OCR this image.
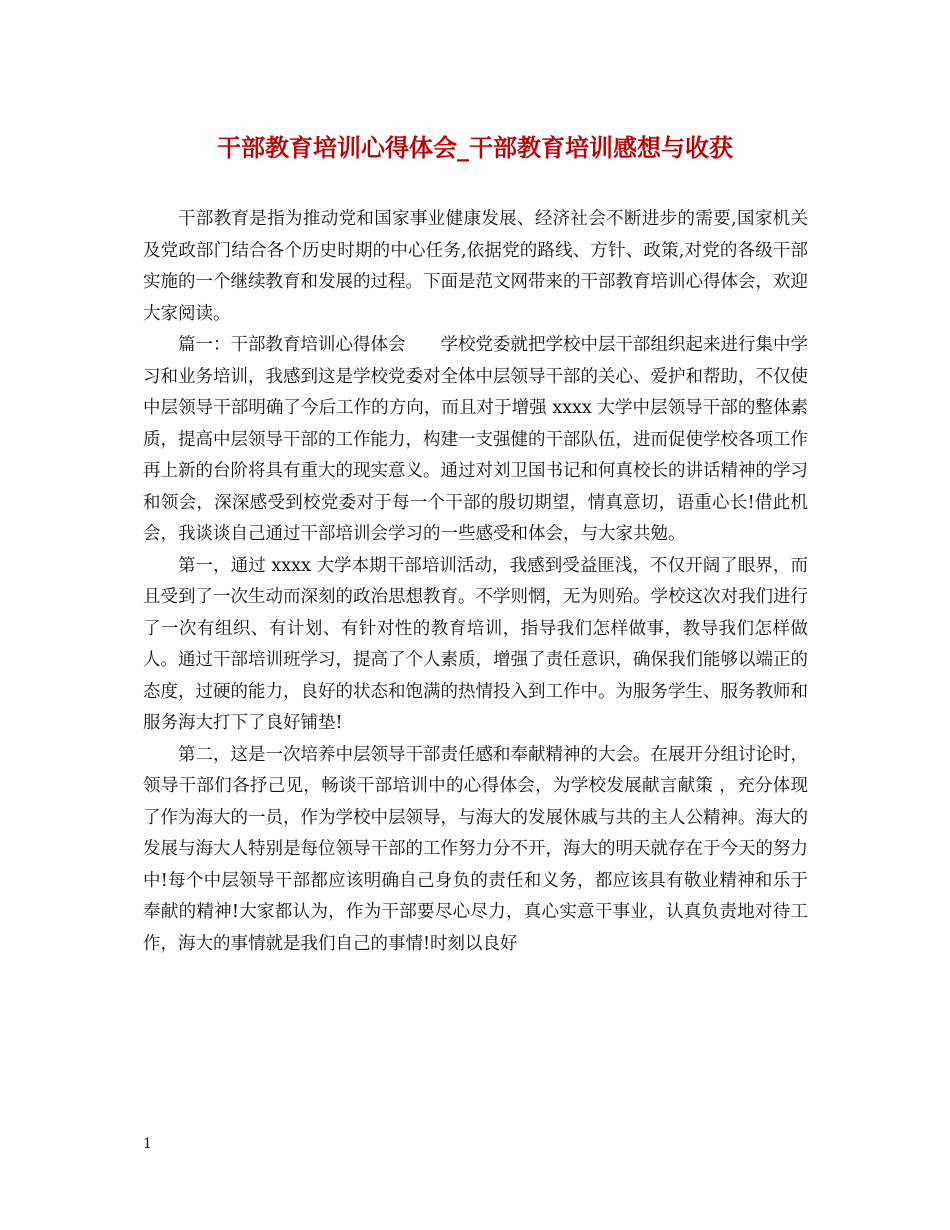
干部教育培训心得体会_干部教育培训感想与收获

干部教育是指为推动党和国家事业健康发展、经济社会不断进步的需要,国家机关及党政部门结合各个历史时期的中心任务,依据党的路线、方针、政策,对党的各级干部实施的一个继续教育和发展的过程。下面是范文网带来的干部教育培训心得体会，欢迎大家阅读。

篇一：干部教育培训心得体会　　学校党委就把学校中层干部组织起来进行集中学习和业务培训，我感到这是学校党委对全体中层领导干部的关心、爱护和帮助，不仅使中层领导干部明确了今后工作的方向，而且对于增强 xxxx 大学中层领导干部的整体素质，提高中层领导干部的工作能力，构建一支强健的干部队伍，进而促使学校各项工作再上新的台阶将具有重大的现实意义。通过对刘卫国书记和何真校长的讲话精神的学习和领会，深深感受到校党委对于每一个干部的殷切期望，情真意切，语重心长!借此机会，我谈谈自己通过干部培训会学习的一些感受和体会，与大家共勉。

第一，通过 xxxx 大学本期干部培训活动，我感到受益匪浅，不仅开阔了眼界，而且受到了一次生动而深刻的政治思想教育。不学则惘，无为则殆。学校这次对我们进行了一次有组织、有计划、有针对性的教育培训，指导我们怎样做事，教导我们怎样做人。通过干部培训班学习，提高了个人素质，增强了责任意识，确保我们能够以端正的态度，过硬的能力，良好的状态和饱满的热情投入到工作中。为服务学生、服务教师和服务海大打下了良好铺垫!

第二，这是一次培养中层领导干部责任感和奉献精神的大会。在展开分组讨论时，领导干部们各抒己见，畅谈干部培训中的心得体会，为学校发展献言献策 ，充分体现了作为海大的一员，作为学校中层领导，与海大的发展休戚与共的主人公精神。海大的发展与海大人特别是每位领导干部的工作努力分不开，海大的明天就存在于今天的努力中!每个中层领导干部都应该明确自己身负的责任和义务，都应该具有敬业精神和乐于奉献的精神!大家都认为，作为干部要尽心尽力，真心实意干事业，认真负责地对待工作，海大的事情就是我们自己的事情!时刻以良好

1
